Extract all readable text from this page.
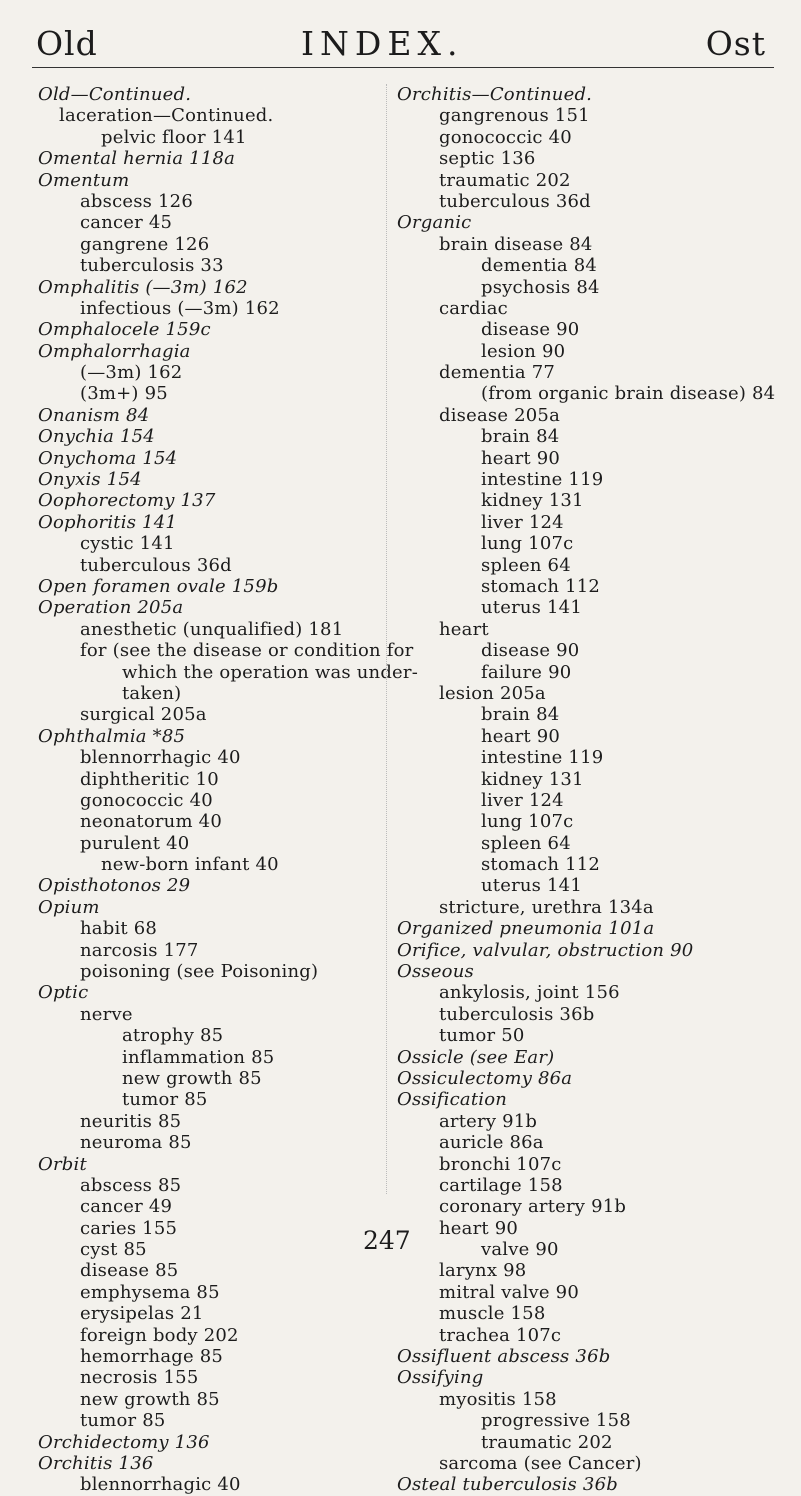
Old	INDEX.	Ost
Old—Continued.
laceration—Continued.
pelvic floor 141
Omental hernia 118a
Omentum
abscess 126
cancer 45
gangrene 126
tuberculosis 33
Omphalitis (—3m) 162
infectious (—3m) 162
Omphalocele 159c
Omphalorrhagia
(—3m) 162
(3m+) 95
Onanism 84
Onychia 154
Onychoma 154
Onyxis 154
Oophorectomy 137
Oophoritis 141
cystic 141
tuberculous 36d
Open foramen ovale 159b
Operation 205a
anesthetic (unqualified) 181
for (see the disease or condition for
which the operation was under-
taken)
surgical 205a
Ophthalmia *85
blennorrhagic 40
diphtheritic 10
gonococcic 40
neonatorum 40
purulent 40
new-born infant 40
Opisthotonos 29
Opium
habit 68
narcosis 177
poisoning (see Poisoning)
Optic
nerve
atrophy 85
inflammation 85
new growth 85
tumor 85
neuritis 85
neuroma 85
Orbit
abscess 85
cancer 49
caries 155
cyst 85
disease 85
emphysema 85
erysipelas 21
foreign body 202
hemorrhage 85
necrosis 155
new growth 85
tumor 85
Orchidectomy 136
Orchitis 136
blennorrhagic 40
Orchitis—Continued.
gangrenous 151
gonococcic 40
septic 136
traumatic 202
tuberculous 36d
Organic
brain disease 84
dementia 84
psychosis 84
cardiac
disease 90
lesion 90
dementia 77
(from organic brain disease) 84
disease 205a
brain 84
heart 90
intestine 119
kidney 131
liver 124
lung 107c
spleen 64
stomach 112
uterus 141
heart
disease 90
failure 90
lesion 205a
brain 84
heart 90
intestine 119
kidney 131
liver 124
lung 107c
spleen 64
stomach 112
uterus 141
stricture, urethra 134a
Organized pneumonia 101a
Orifice, valvular, obstruction 90
Osseous
ankylosis, joint 156
tuberculosis 36b
tumor 50
Ossicle (see Ear)
Ossiculectomy 86a
Ossification
artery 91b
auricle 86a
bronchi 107c
cartilage 158
coronary artery 91b
heart 90
valve 90
larynx 98
mitral valve 90
muscle 158
trachea 107c
Ossifluent abscess 36b
Ossifying
myositis 158
progressive 158
traumatic 202
sarcoma (see Cancer)
Osteal tuberculosis 36b
247
